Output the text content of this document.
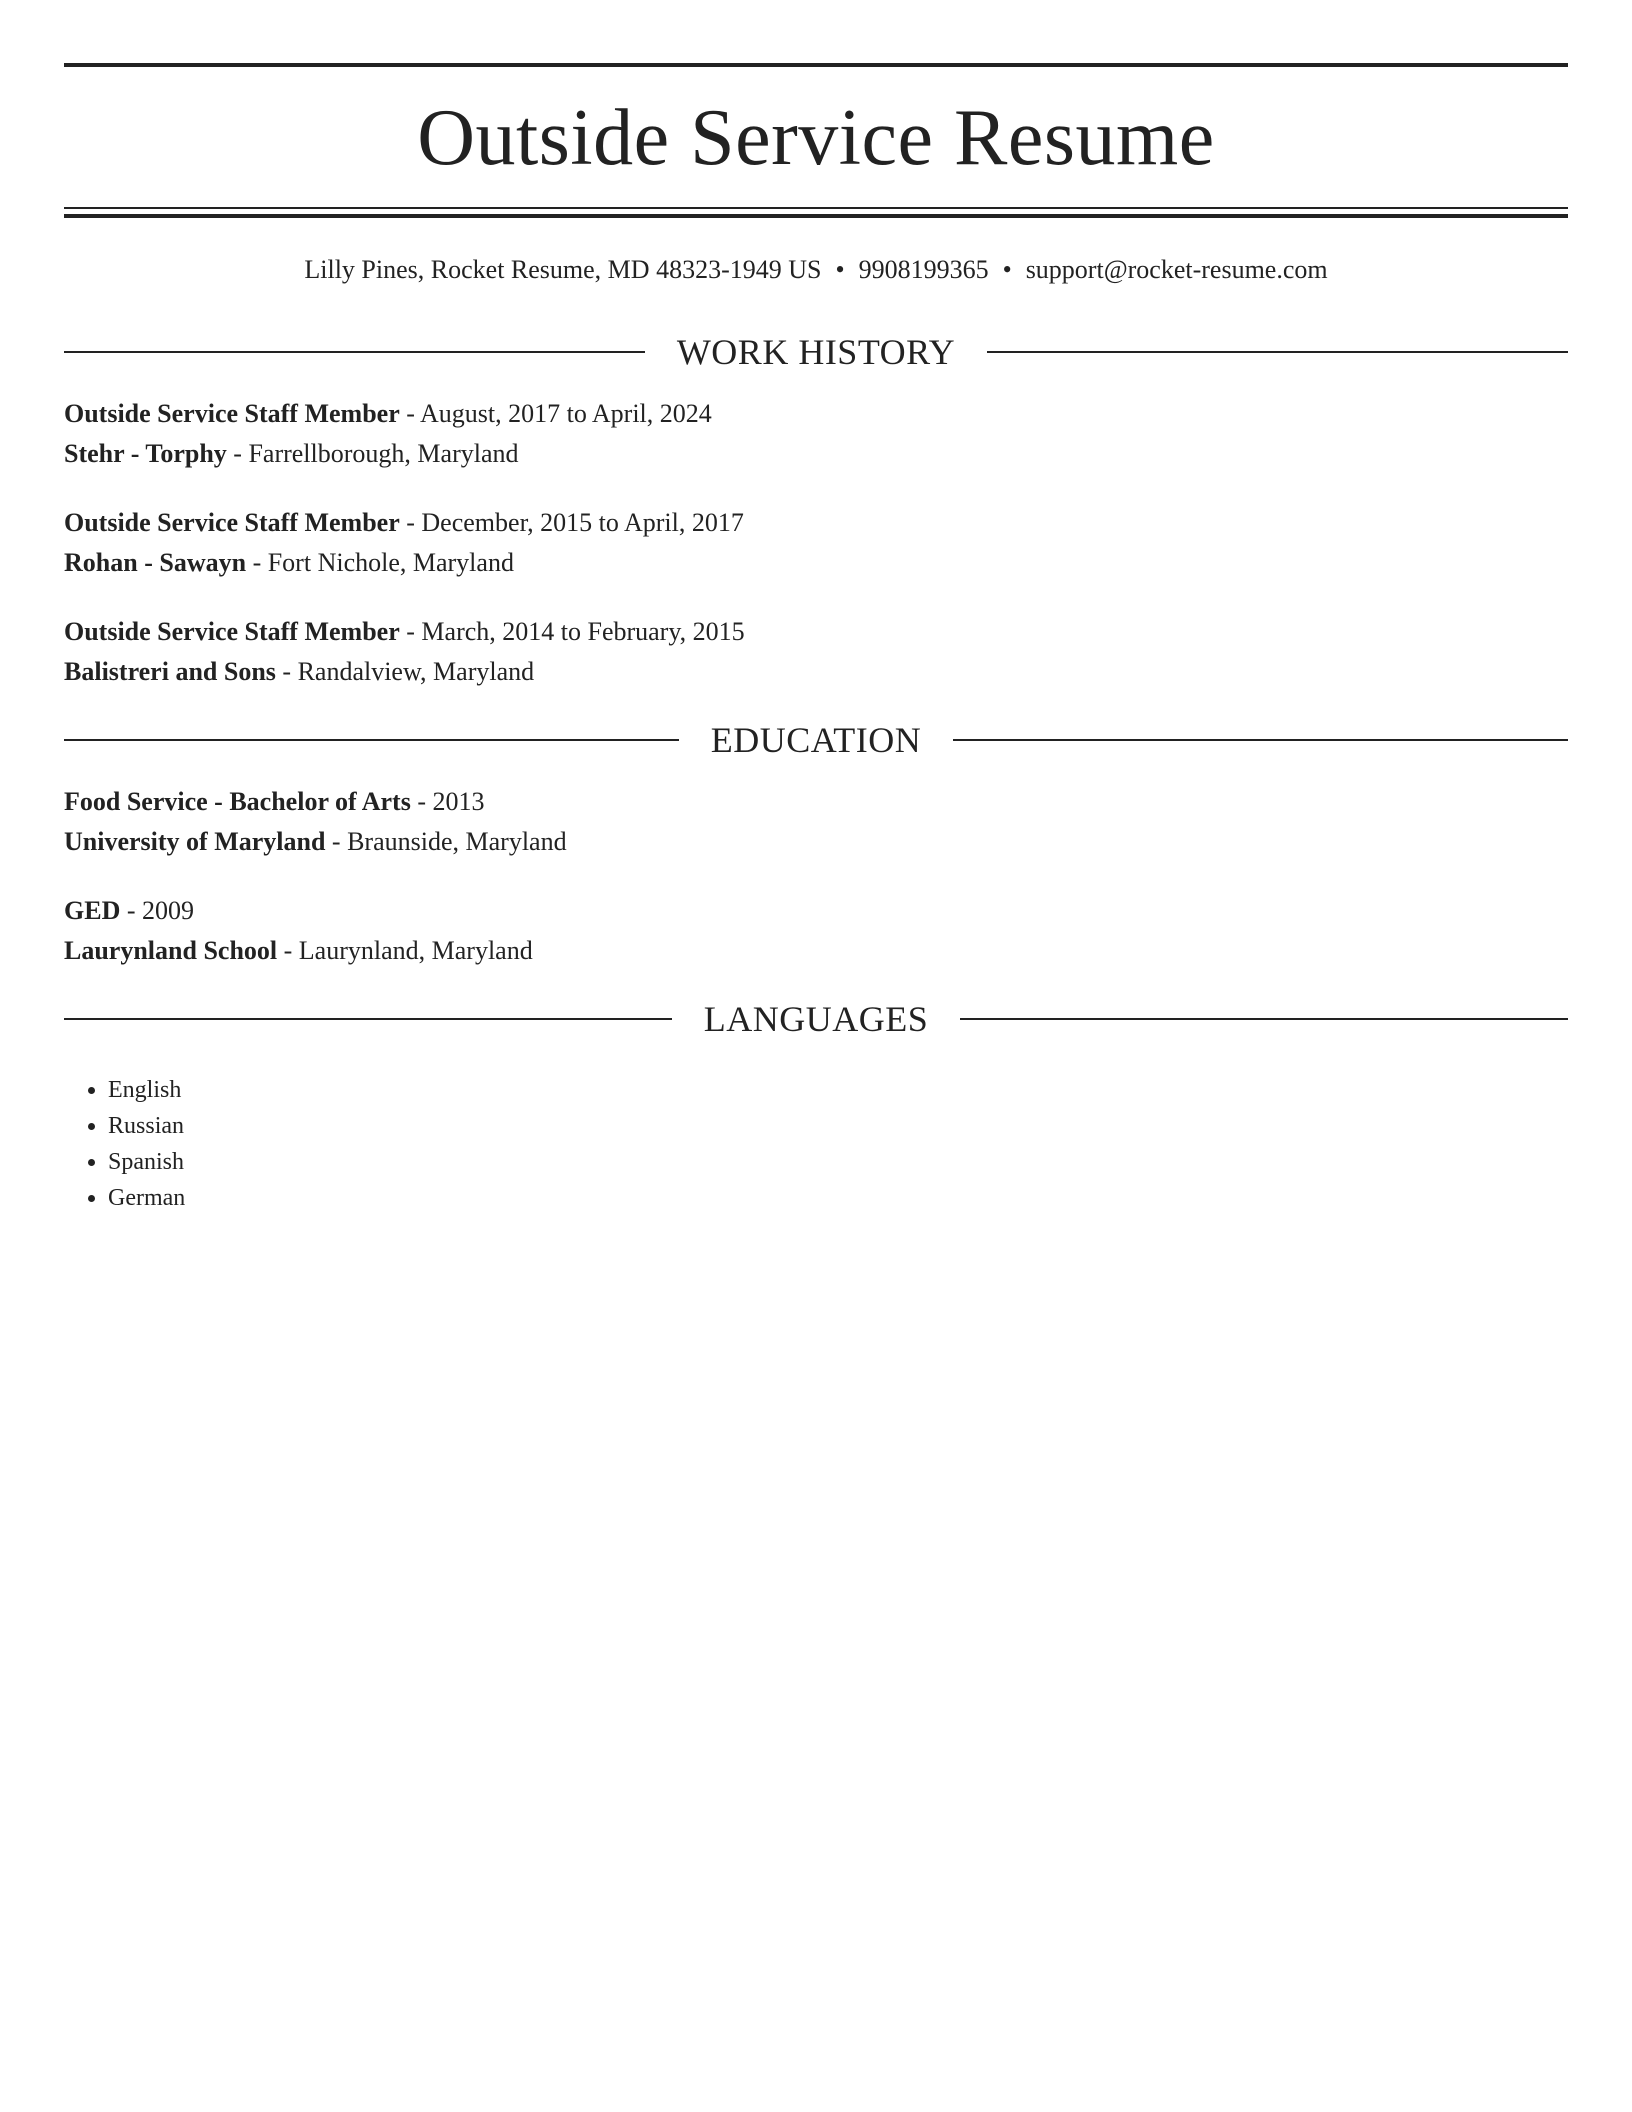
Outside Service Resume
Lilly Pines, Rocket Resume, MD 48323-1949 US • 9908199365 • support@rocket-resume.com
WORK HISTORY
Outside Service Staff Member - August, 2017 to April, 2024
Stehr - Torphy - Farrellborough, Maryland
Outside Service Staff Member - December, 2015 to April, 2017
Rohan - Sawayn - Fort Nichole, Maryland
Outside Service Staff Member - March, 2014 to February, 2015
Balistreri and Sons - Randalview, Maryland
EDUCATION
Food Service - Bachelor of Arts - 2013
University of Maryland - Braunside, Maryland
GED - 2009
Laurynland School - Laurynland, Maryland
LANGUAGES
• English
• Russian
• Spanish
• German
